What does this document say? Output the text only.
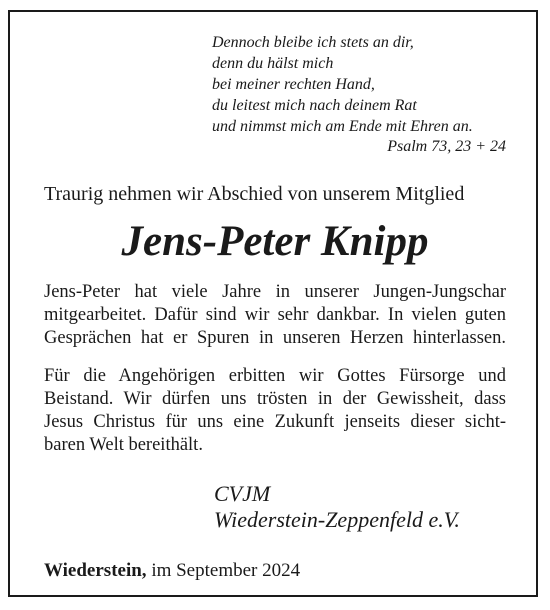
Dennoch bleibe ich stets an dir,
denn du hälst mich
bei meiner rechten Hand,
du leitest mich nach deinem Rat
und nimmst mich am Ende mit Ehren an.
Psalm 73, 23 + 24
Traurig nehmen wir Abschied von unserem Mitglied
Jens-Peter Knipp
Jens-Peter hat viele Jahre in unserer Jungen-Jungschar
mitgearbeitet. Dafür sind wir sehr dankbar. In vielen guten
Gesprächen hat er Spuren in unseren Herzen hinterlassen.
Für die Angehörigen erbitten wir Gottes Fürsorge und
Beistand. Wir dürfen uns trösten in der Gewissheit, dass
Jesus Christus für uns eine Zukunft jenseits dieser sicht-
baren Welt bereithält.
CVJM
Wiederstein-Zeppenfeld e.V.
Wiederstein, im September 2024
